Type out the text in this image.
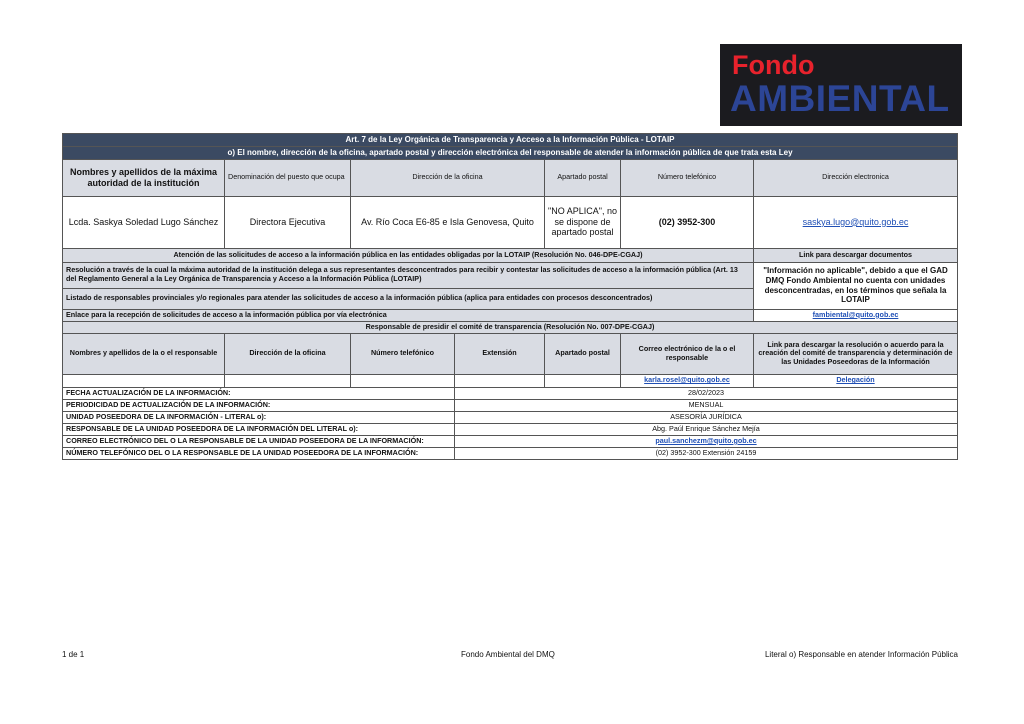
Fondo
AMBIENTAL
Art. 7 de la Ley Orgánica de Transparencia y Acceso a la Información Pública - LOTAIP						
o) El nombre, dirección de la oficina, apartado postal y dirección electrónica del responsable de atender la información pública de que trata esta Ley						
Nombres y apellidos de la máxima autoridad de la institución	Denominación del puesto que ocupa	Dirección de la oficina		Apartado postal	Número telefónico	Dirección electronica
Lcda. Saskya Soledad Lugo Sánchez	Directora Ejecutiva	Av. Río Coca E6-85 e Isla Genovesa, Quito		"NO APLICA", no se dispone de apartado postal	(02) 3952-300	saskya.lugo@quito.gob.ec
Atención de las solicitudes de acceso a la información pública en las entidades obligadas por la LOTAIP (Resolución No. 046-DPE-CGAJ)						Link para descargar documentos
Resolución a través de la cual la máxima autoridad de la institución delega a sus representantes desconcentrados para recibir y contestar las solicitudes de acceso a la información pública (Art. 13 del Reglamento General a la Ley Orgánica de Transparencia y Acceso a la Información Pública (LOTAIP)						"Información no aplicable", debido a que el GAD DMQ Fondo Ambiental no cuenta con unidades desconcentradas, en los términos que señala la LOTAIP
Listado de responsables provinciales y/o regionales para atender las solicitudes de acceso a la información pública (aplica para entidades con procesos desconcentrados)						
Enlace para la recepción de solicitudes de acceso a la información pública por vía electrónica						fambiental@quito.gob.ec
Responsable de presidir el comité de transparencia (Resolución No. 007-DPE-CGAJ)						
Nombres y apellidos de la o el responsable	Dirección de la oficina	Número telefónico	Extensión	Apartado postal	Correo electrónico de la o el responsable	Link para descargar la resolución o acuerdo para la creación del comité de transparencia y determinación de las Unidades Poseedoras de la Información
					karla.rosel@quito.gob.ec	Delegación
FECHA ACTUALIZACIÓN DE LA INFORMACIÓN:			28/02/2023			
PERIODICIDAD DE ACTUALIZACIÓN DE LA INFORMACIÓN:			MENSUAL			
UNIDAD POSEEDORA DE LA INFORMACIÓN - LITERAL o):			ASESORÍA JURÍDICA			
RESPONSABLE DE LA UNIDAD POSEEDORA DE LA INFORMACIÓN DEL LITERAL o):			Abg. Paúl Enrique Sánchez Mejía			
CORREO ELECTRÓNICO DEL O LA RESPONSABLE DE LA UNIDAD POSEEDORA DE LA INFORMACIÓN:			paul.sanchezm@quito.gob.ec			
NÚMERO TELEFÓNICO DEL O LA RESPONSABLE DE LA UNIDAD POSEEDORA DE LA INFORMACIÓN:			(02) 3952-300 Extensión 24159			
1 de 1	Fondo Ambiental del DMQ	Literal o) Responsable en atender Información Pública
